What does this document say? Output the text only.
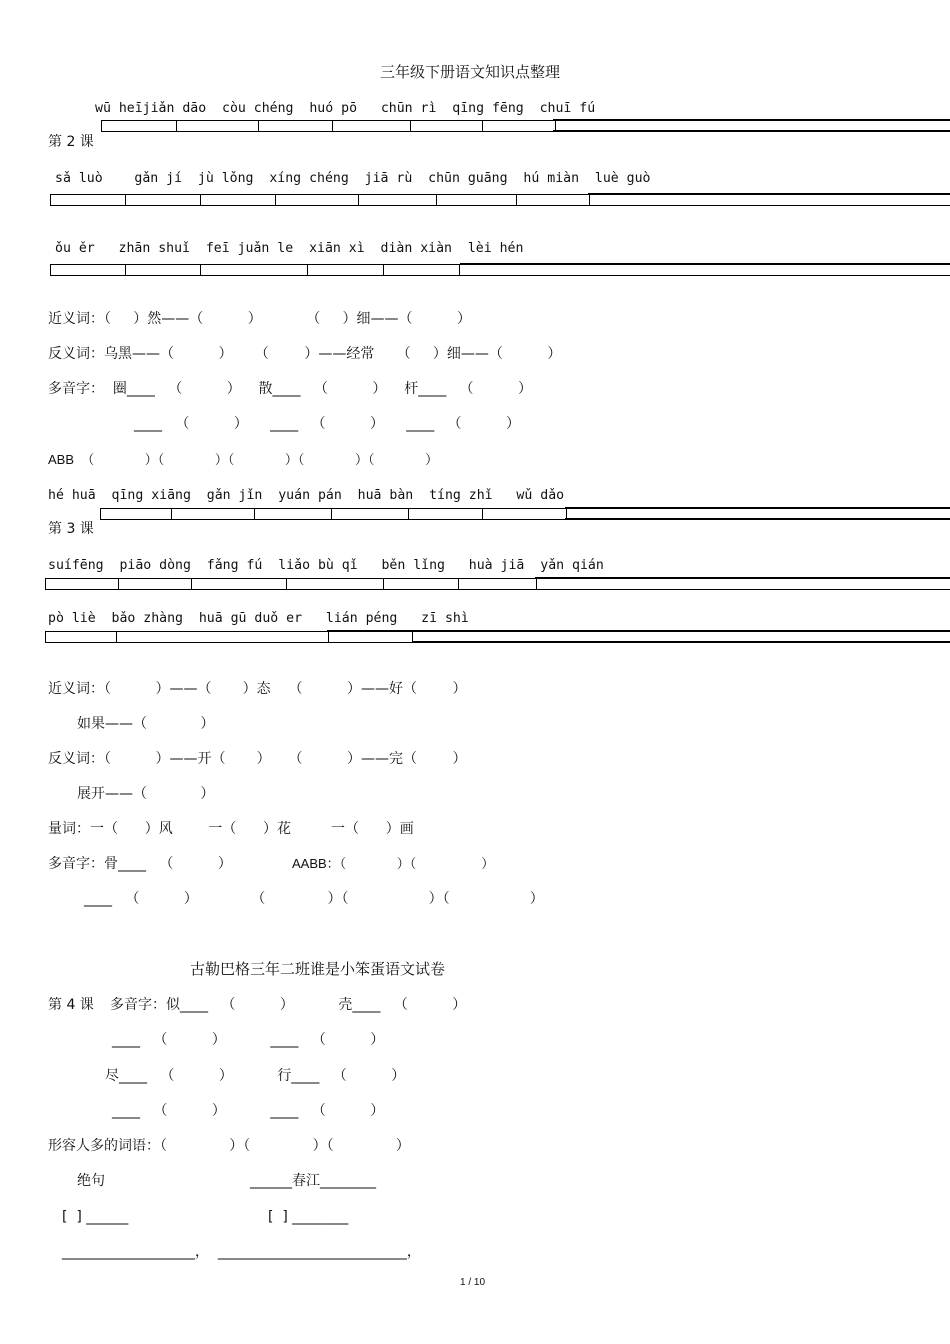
三年级下册语文知识点整理
wū heījiǎn dāo  còu chéng  huó pō   chūn rì  qīng fēng  chuī fú
第 2 课
sǎ luò    gǎn jí  jù lǒng  xíng chéng  jiā rù  chūn guāng  hú miàn  luè guò
ǒu ěr   zhān shuǐ  feī juǎn le  xiān xì  diàn xiàn  lèi hén
近义词：（     ）然——（          ）          （     ）细——（          ）
反义词：乌黑——（          ）     （        ）——经常     （     ）细——（          ）
多音字：  圈____   （          ）    散____   （          ）    杆____   （          ）
____   （          ）     ____   （          ）     ____   （          ）
ABB  （              ）（              ）（              ）（              ）（              ）
hé huā  qīng xiāng  gǎn jǐn  yuán pán  huā bàn  tíng zhǐ   wǔ dǎo
第 3 课
suífēng  piāo dòng  fǎng fú  liǎo bù qǐ   běn lǐng   huà jiā  yǎn qián
pò liè  bǎo zhàng  huā gū duǒ er   lián péng   zī shì
近义词：（          ）——（       ）态    （          ）——好（        ）
如果——（            ）
反义词：（          ）——开（       ）    （          ）——完（        ）
展开——（            ）
量词：一（      ）风        一（      ）花         一（      ）画
多音字：骨____   （          ）	AABB：（              ）（                  ）
____   （          ）            （              ）（                  ）（                  ）
古勒巴格三年二班谁是小笨蛋语文试卷
第 4 课 多音字：似____   （          ）          壳____   （          ）
____   （          ）          ____   （          ）
尽____   （          ）          行____   （          ）
____   （          ）          ____   （          ）
形容人多的词语：（              ）（              ）（              ）
绝句	______春江________
[  ] ______	[  ] ________
___________________，  ___________________________，
1 / 10
